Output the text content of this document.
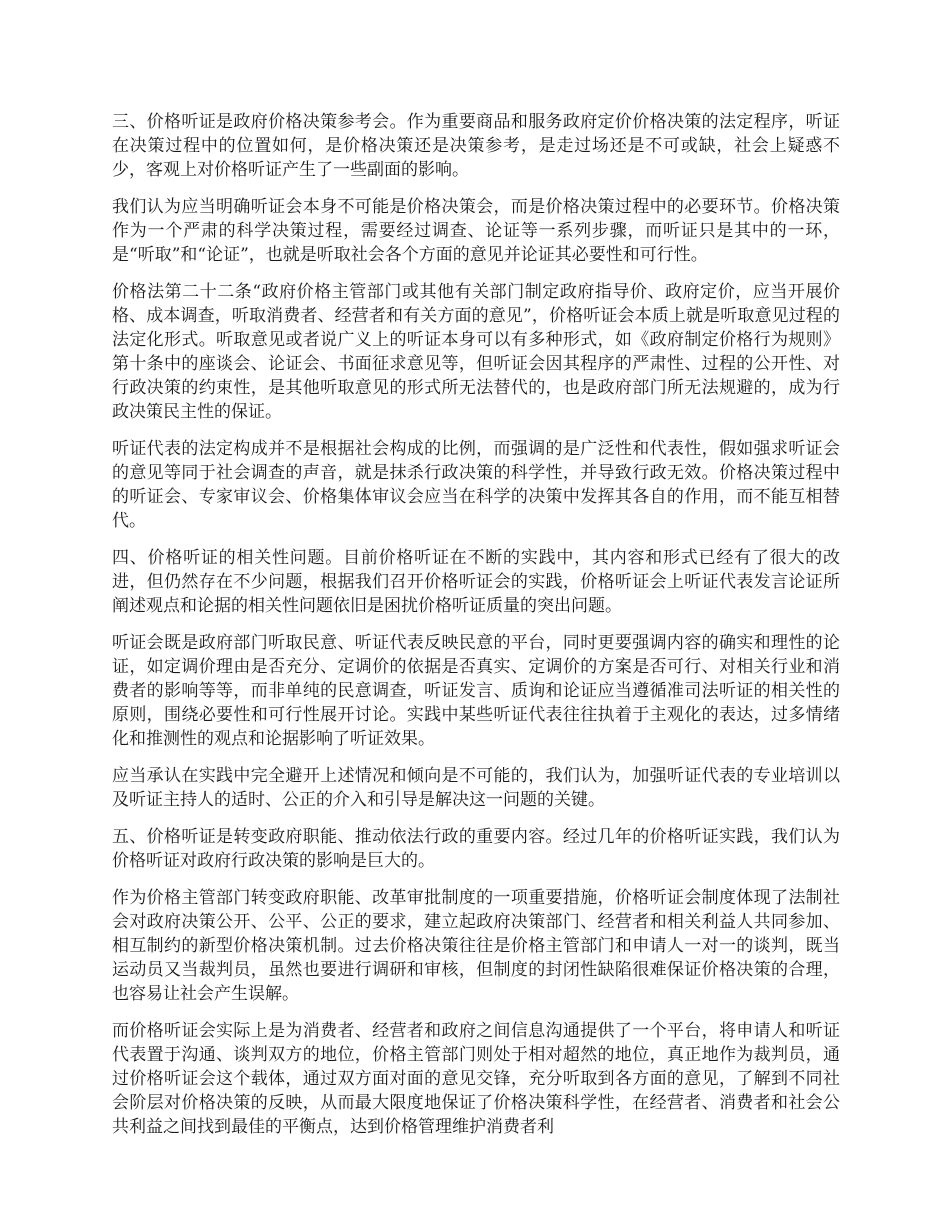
三、价格听证是政府价格决策参考会。作为重要商品和服务政府定价价格决策的法定程序，听证在决策过程中的位置如何，是价格决策还是决策参考，是走过场还是不可或缺，社会上疑惑不少，客观上对价格听证产生了一些副面的影响。

我们认为应当明确听证会本身不可能是价格决策会，而是价格决策过程中的必要环节。价格决策作为一个严肃的科学决策过程，需要经过调查、论证等一系列步骤，而听证只是其中的一环，是“听取”和“论证”，也就是听取社会各个方面的意见并论证其必要性和可行性。

价格法第二十二条“政府价格主管部门或其他有关部门制定政府指导价、政府定价，应当开展价格、成本调查，听取消费者、经营者和有关方面的意见”，价格听证会本质上就是听取意见过程的法定化形式。听取意见或者说广义上的听证本身可以有多种形式，如《政府制定价格行为规则》第十条中的座谈会、论证会、书面征求意见等，但听证会因其程序的严肃性、过程的公开性、对行政决策的约束性，是其他听取意见的形式所无法替代的，也是政府部门所无法规避的，成为行政决策民主性的保证。

听证代表的法定构成并不是根据社会构成的比例，而强调的是广泛性和代表性，假如强求听证会的意见等同于社会调查的声音，就是抹杀行政决策的科学性，并导致行政无效。价格决策过程中的听证会、专家审议会、价格集体审议会应当在科学的决策中发挥其各自的作用，而不能互相替代。

四、价格听证的相关性问题。目前价格听证在不断的实践中，其内容和形式已经有了很大的改进，但仍然存在不少问题，根据我们召开价格听证会的实践，价格听证会上听证代表发言论证所阐述观点和论据的相关性问题依旧是困扰价格听证质量的突出问题。

听证会既是政府部门听取民意、听证代表反映民意的平台，同时更要强调内容的确实和理性的论证，如定调价理由是否充分、定调价的依据是否真实、定调价的方案是否可行、对相关行业和消费者的影响等等，而非单纯的民意调查，听证发言、质询和论证应当遵循准司法听证的相关性的原则，围绕必要性和可行性展开讨论。实践中某些听证代表往往执着于主观化的表达，过多情绪化和推测性的观点和论据影响了听证效果。

应当承认在实践中完全避开上述情况和倾向是不可能的，我们认为，加强听证代表的专业培训以及听证主持人的适时、公正的介入和引导是解决这一问题的关键。

五、价格听证是转变政府职能、推动依法行政的重要内容。经过几年的价格听证实践，我们认为价格听证对政府行政决策的影响是巨大的。

作为价格主管部门转变政府职能、改革审批制度的一项重要措施，价格听证会制度体现了法制社会对政府决策公开、公平、公正的要求，建立起政府决策部门、经营者和相关利益人共同参加、相互制约的新型价格决策机制。过去价格决策往往是价格主管部门和申请人一对一的谈判，既当运动员又当裁判员，虽然也要进行调研和审核，但制度的封闭性缺陷很难保证价格决策的合理，也容易让社会产生误解。

而价格听证会实际上是为消费者、经营者和政府之间信息沟通提供了一个平台，将申请人和听证代表置于沟通、谈判双方的地位，价格主管部门则处于相对超然的地位，真正地作为裁判员，通过价格听证会这个载体，通过双方面对面的意见交锋，充分听取到各方面的意见，了解到不同社会阶层对价格决策的反映，从而最大限度地保证了价格决策科学性，在经营者、消费者和社会公共利益之间找到最佳的平衡点，达到价格管理维护消费者利
